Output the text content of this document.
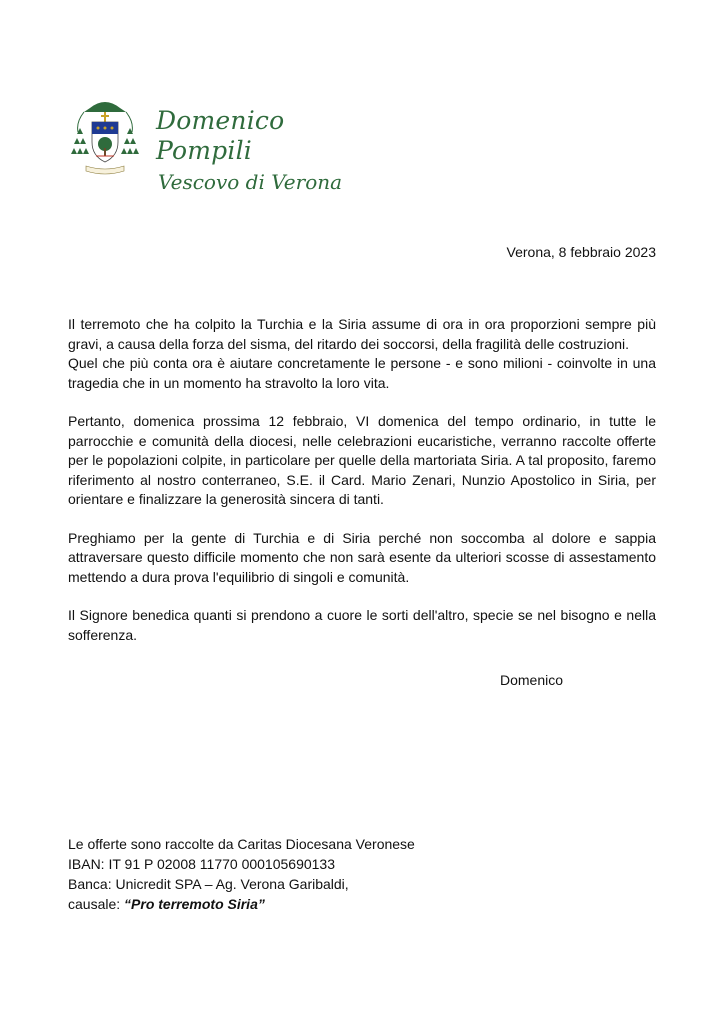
Domenico Pompili
Vescovo di Verona
Verona, 8 febbraio 2023

Il terremoto che ha colpito la Turchia e la Siria assume di ora in ora proporzioni sempre più gravi, a causa della forza del sisma, del ritardo dei soccorsi, della fragilità delle costruzioni.

Quel che più conta ora è aiutare concretamente le persone - e sono milioni - coinvolte in una tragedia che in un momento ha stravolto la loro vita.

Pertanto, domenica prossima 12 febbraio, VI domenica del tempo ordinario, in tutte le parrocchie e comunità della diocesi, nelle celebrazioni eucaristiche, verranno raccolte offerte per le popolazioni colpite, in particolare per quelle della martoriata Siria. A tal proposito, faremo riferimento al nostro conterraneo, S.E. il Card. Mario Zenari, Nunzio Apostolico in Siria, per orientare e finalizzare la generosità sincera di tanti.

Preghiamo per la gente di Turchia e di Siria perché non soccomba al dolore e sappia attraversare questo difficile momento che non sarà esente da ulteriori scosse di assestamento mettendo a dura prova l'equilibrio di singoli e comunità.

Il Signore benedica quanti si prendono a cuore le sorti dell'altro, specie se nel bisogno e nella sofferenza.

Domenico
Le offerte sono raccolte da Caritas Diocesana Veronese
IBAN: IT 91 P 02008 11770 000105690133
Banca: Unicredit SPA – Ag. Verona Garibaldi,
causale: “Pro terremoto Siria”
